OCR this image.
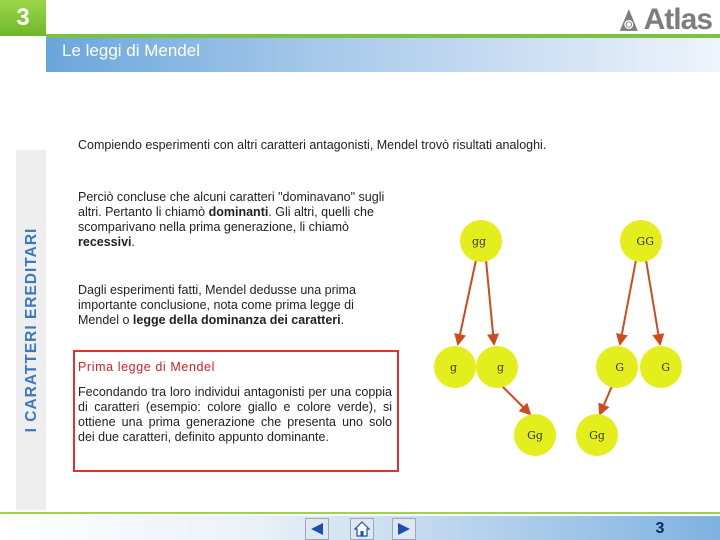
3
Le leggi di Mendel
Atlas
I CARATTERI EREDITARI
Compiendo esperimenti con altri caratteri antagonisti, Mendel trovò risultati analoghi.
Perciò concluse che alcuni caratteri "dominavano" sugli altri. Pertanto li chiamò dominanti. Gli altri, quelli che scomparivano nella prima generazione, li chiamò recessivi.
Dagli esperimenti fatti, Mendel dedusse una prima importante conclusione, nota come prima legge di Mendel o legge della dominanza dei caratteri.
Prima legge di Mendel
Fecondando tra loro individui antagonisti per una coppia di caratteri (esempio: colore giallo e colore verde), si ottiene una prima generazione che presenta uno solo dei due caratteri, definito appunto dominante.
gg	GG
g	g	G	G
Gg	Gg
3
